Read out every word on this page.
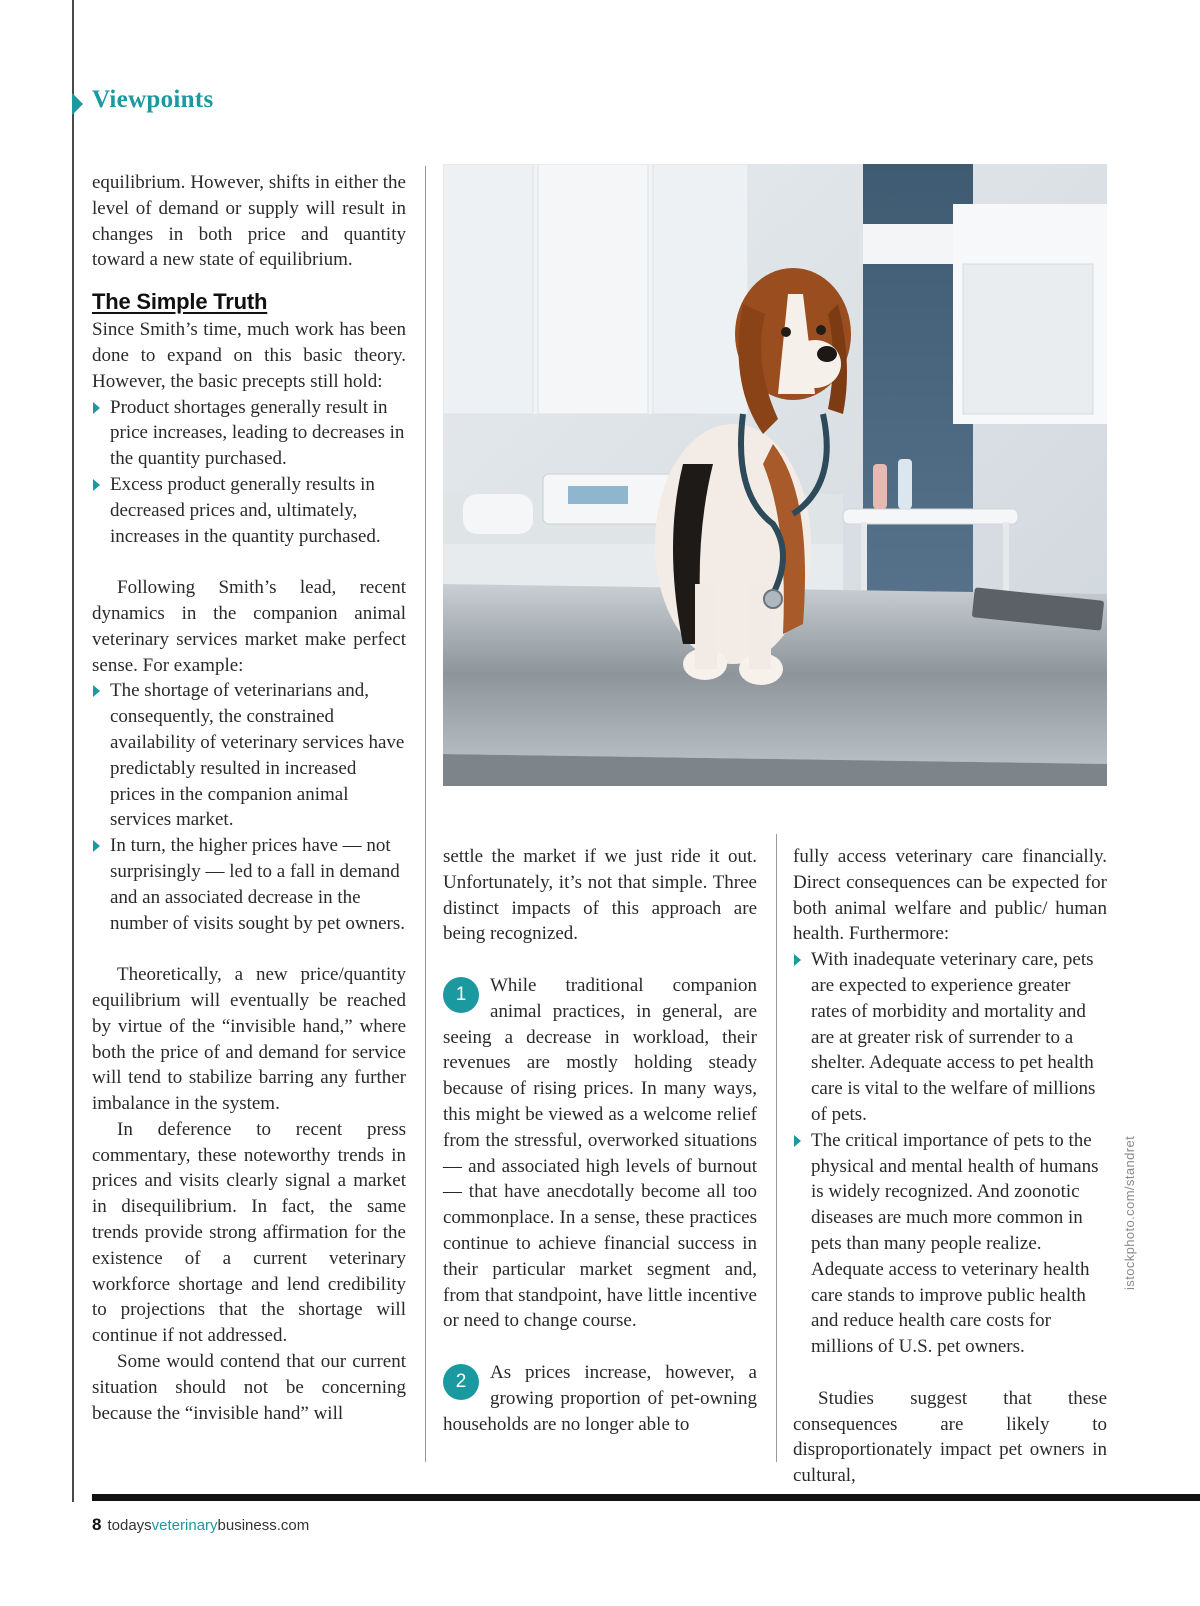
Viewpoints

equilibrium. However, shifts in either the level of demand or supply will result in changes in both price and quantity toward a new state of equilibrium.

The Simple Truth

Since Smith’s time, much work has been done to expand on this basic theory. However, the basic precepts still hold:

Product shortages generally result in price increases, leading to decreases in the quantity purchased.
Excess product generally results in decreased prices and, ultimately, increases in the quantity purchased.

Following Smith’s lead, recent dynamics in the companion animal veterinary services market make perfect sense. For example:

The shortage of veterinarians and, consequently, the constrained availability of veterinary services have predictably resulted in increased prices in the companion animal services market.
In turn, the higher prices have — not surprisingly — led to a fall in demand and an associated decrease in the number of visits sought by pet owners.

Theoretically, a new price/quantity equilibrium will eventually be reached by virtue of the “invisible hand,” where both the price of and demand for service will tend to stabilize barring any further imbalance in the system.

In deference to recent press commentary, these noteworthy trends in prices and visits clearly signal a market in disequilibrium. In fact, the same trends provide strong affirmation for the existence of a current veterinary workforce shortage and lend credibility to projections that the shortage will continue if not addressed.

Some would contend that our current situation should not be concerning because the “invisible hand” will

istockphoto.com/standret

settle the market if we just ride it out. Unfortunately, it’s not that simple. Three distinct impacts of this approach are being recognized.

1	While traditional companion animal practices, in general, are seeing a decrease in workload, their revenues are mostly holding steady because of rising prices. In many ways, this might be viewed as a welcome relief from the stressful, overworked situations — and associated high levels of burnout — that have anecdotally become all too commonplace. In a sense, these practices continue to achieve financial success in their particular market segment and, from that standpoint, have little incentive or need to change course.

2	As prices increase, however, a growing proportion of pet-owning households are no longer able to

fully access veterinary care financially. Direct consequences can be expected for both animal welfare and public/ human health. Furthermore:

With inadequate veterinary care, pets are expected to experience greater rates of morbidity and mortality and are at greater risk of surrender to a shelter. Adequate access to pet health care is vital to the welfare of millions of pets.
The critical importance of pets to the physical and mental health of humans is widely recognized. And zoonotic diseases are much more common in pets than many people realize. Adequate access to veterinary health care stands to improve public health and reduce health care costs for millions of U.S. pet owners.

Studies suggest that these consequences are likely to disproportionately impact pet owners in cultural,

8 todaysveterinarybusiness.com
